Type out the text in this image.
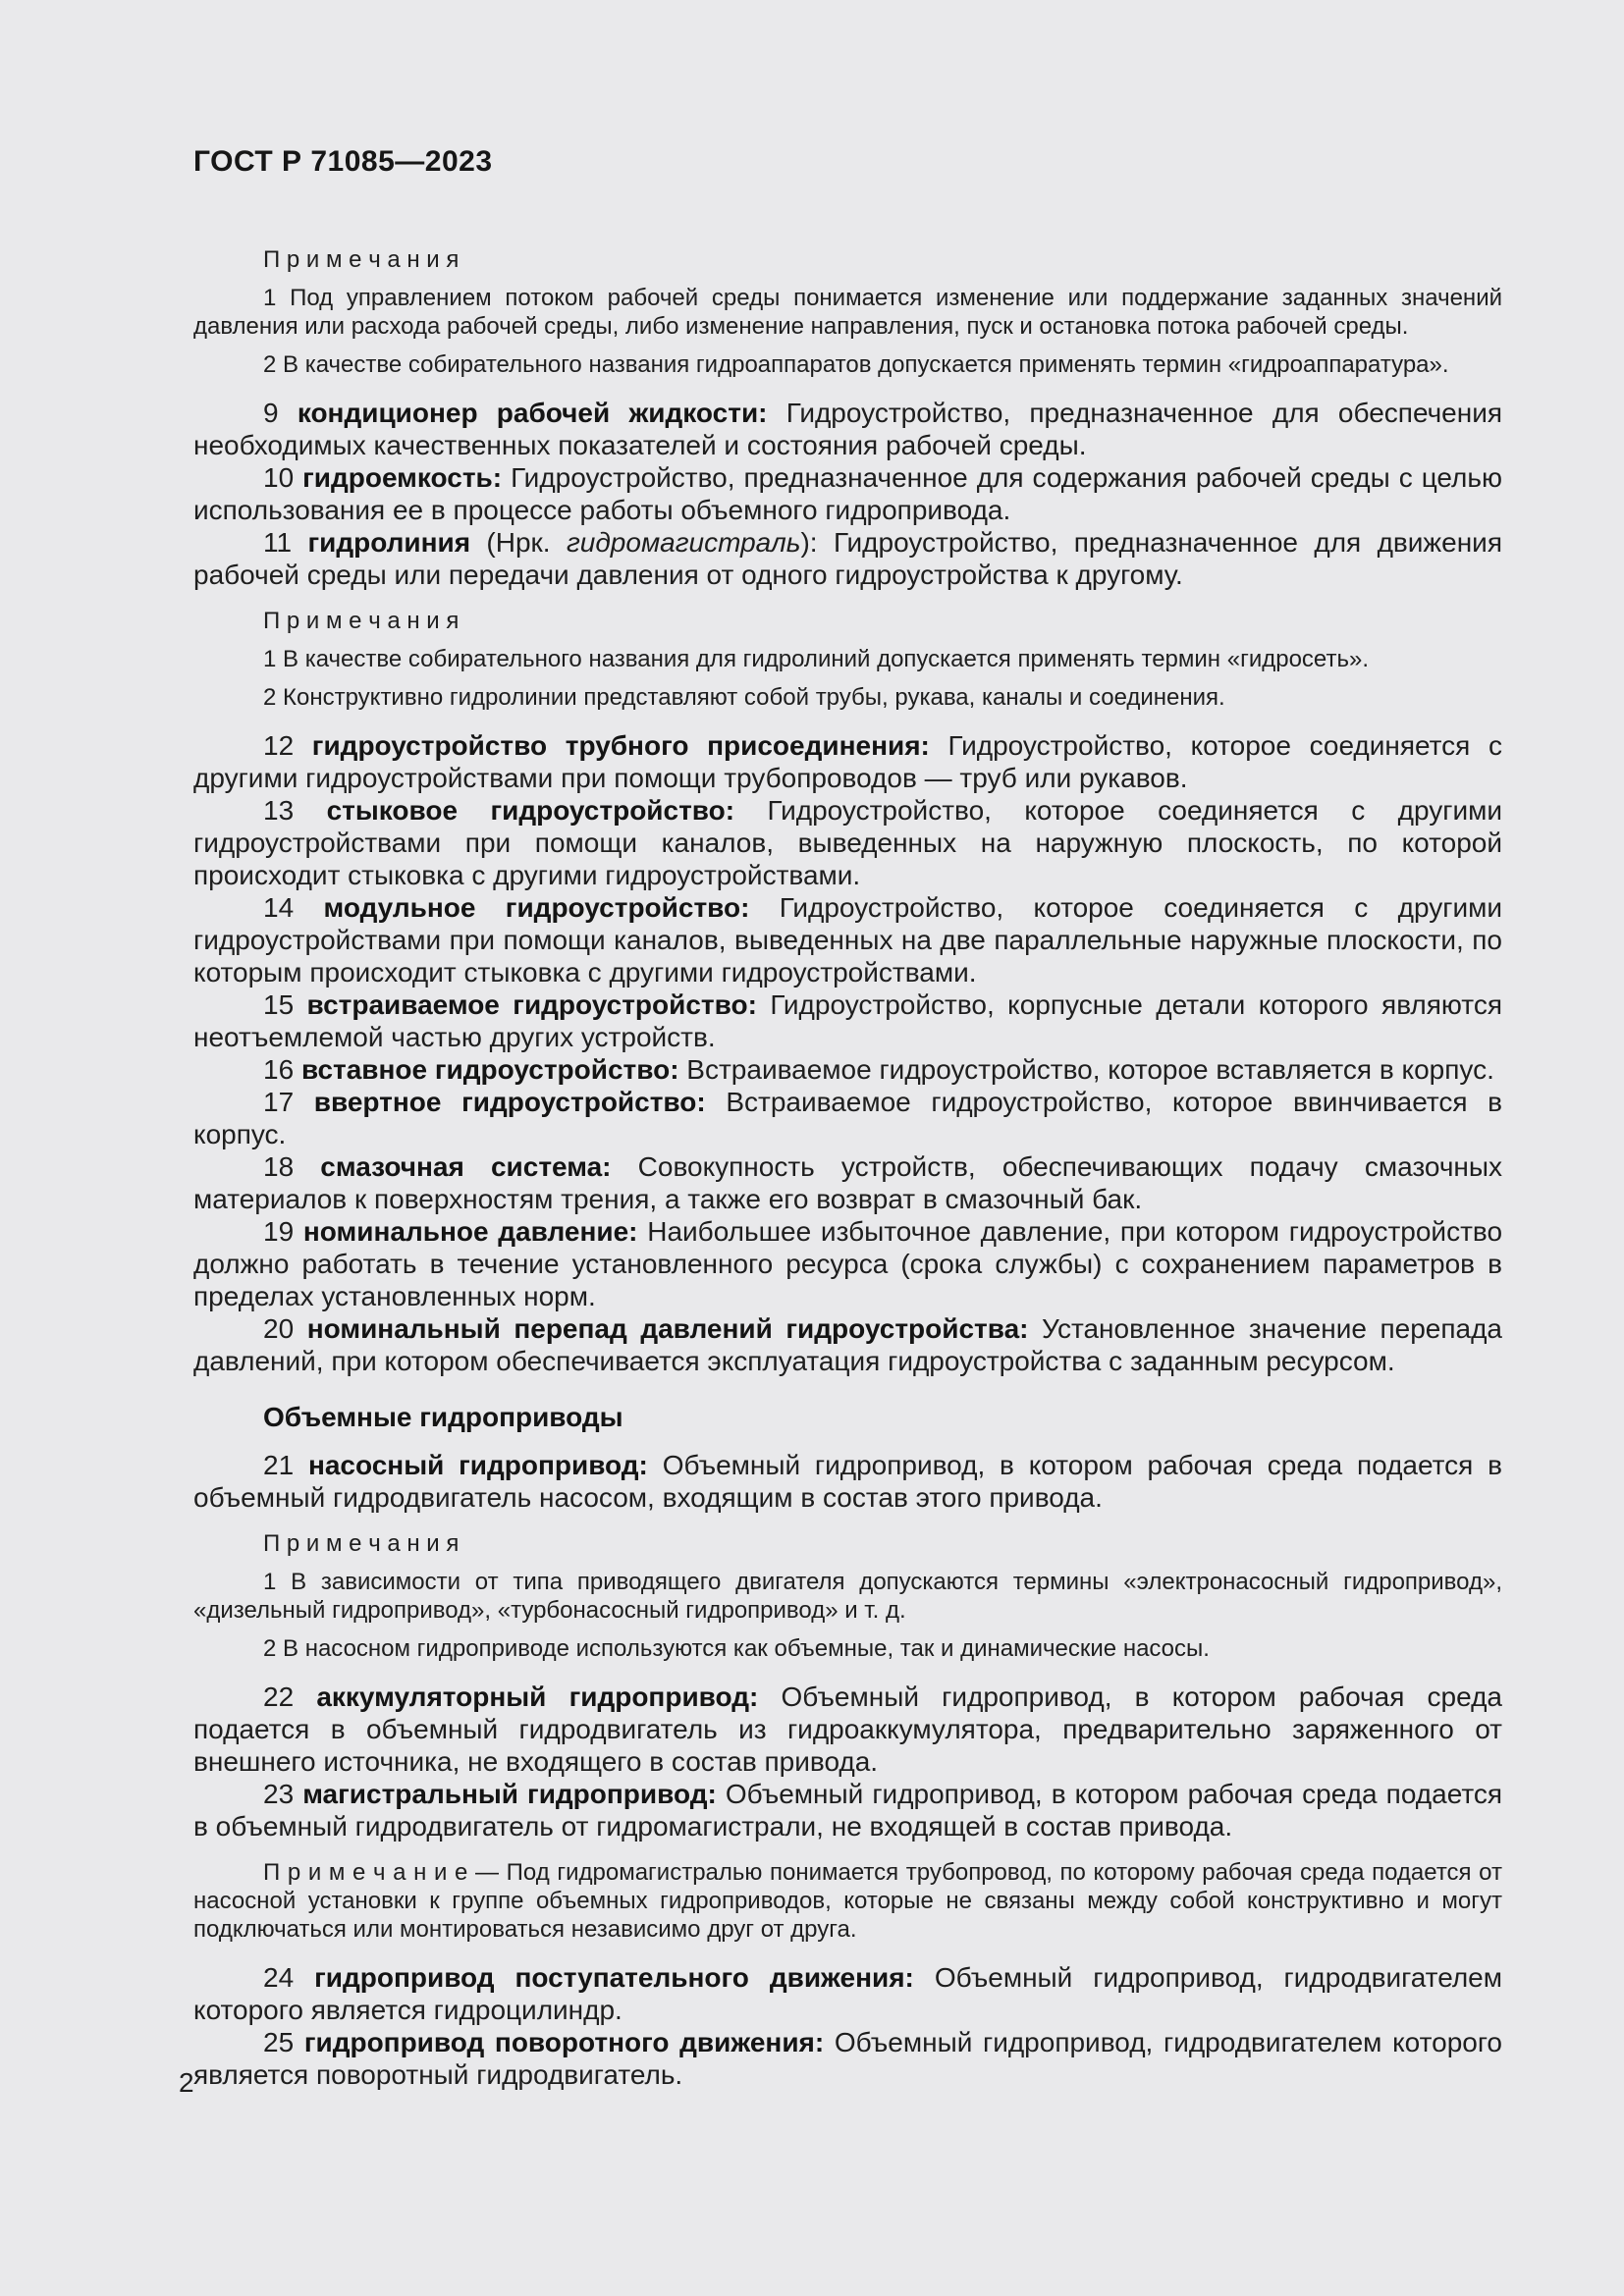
ГОСТ Р 71085—2023
П р и м е ч а н и я

1 Под управлением потоком рабочей среды понимается изменение или поддержание заданных значений давления или расхода рабочей среды, либо изменение направления, пуск и остановка потока рабочей среды.

2 В качестве собирательного названия гидроаппаратов допускается применять термин «гидроаппаратура».

9 кондиционер рабочей жидкости: Гидроустройство, предназначенное для обеспечения необходимых качественных показателей и состояния рабочей среды.

10 гидроемкость: Гидроустройство, предназначенное для содержания рабочей среды с целью использования ее в процессе работы объемного гидропривода.

11 гидролиния (Нрк. гидромагистраль): Гидроустройство, предназначенное для движения рабочей среды или передачи давления от одного гидроустройства к другому.

П р и м е ч а н и я

1 В качестве собирательного названия для гидролиний допускается применять термин «гидросеть».

2 Конструктивно гидролинии представляют собой трубы, рукава, каналы и соединения.

12 гидроустройство трубного присоединения: Гидроустройство, которое соединяется с другими гидроустройствами при помощи трубопроводов — труб или рукавов.

13 стыковое гидроустройство: Гидроустройство, которое соединяется с другими гидроустройствами при помощи каналов, выведенных на наружную плоскость, по которой происходит стыковка с другими гидроустройствами.

14 модульное гидроустройство: Гидроустройство, которое соединяется с другими гидроустройствами при помощи каналов, выведенных на две параллельные наружные плоскости, по которым происходит стыковка с другими гидроустройствами.

15 встраиваемое гидроустройство: Гидроустройство, корпусные детали которого являются неотъемлемой частью других устройств.

16 вставное гидроустройство: Встраиваемое гидроустройство, которое вставляется в корпус.

17 ввертное гидроустройство: Встраиваемое гидроустройство, которое ввинчивается в корпус.

18 смазочная система: Совокупность устройств, обеспечивающих подачу смазочных материалов к поверхностям трения, а также его возврат в смазочный бак.

19 номинальное давление: Наибольшее избыточное давление, при котором гидроустройство должно работать в течение установленного ресурса (срока службы) с сохранением параметров в пределах установленных норм.

20 номинальный перепад давлений гидроустройства: Установленное значение перепада давлений, при котором обеспечивается эксплуатация гидроустройства с заданным ресурсом.

Объемные гидроприводы

21 насосный гидропривод: Объемный гидропривод, в котором рабочая среда подается в объемный гидродвигатель насосом, входящим в состав этого привода.

П р и м е ч а н и я

1 В зависимости от типа приводящего двигателя допускаются термины «электронасосный гидропривод», «дизельный гидропривод», «турбонасосный гидропривод» и т. д.

2 В насосном гидроприводе используются как объемные, так и динамические насосы.

22 аккумуляторный гидропривод: Объемный гидропривод, в котором рабочая среда подается в объемный гидродвигатель из гидроаккумулятора, предварительно заряженного от внешнего источника, не входящего в состав привода.

23 магистральный гидропривод: Объемный гидропривод, в котором рабочая среда подается в объемный гидродвигатель от гидромагистрали, не входящей в состав привода.

П р и м е ч а н и е — Под гидромагистралью понимается трубопровод, по которому рабочая среда подается от насосной установки к группе объемных гидроприводов, которые не связаны между собой конструктивно и могут подключаться или монтироваться независимо друг от друга.

24 гидропривод поступательного движения: Объемный гидропривод, гидродвигателем которого является гидроцилиндр.

25 гидропривод поворотного движения: Объемный гидропривод, гидродвигателем которого является поворотный гидродвигатель.

2
